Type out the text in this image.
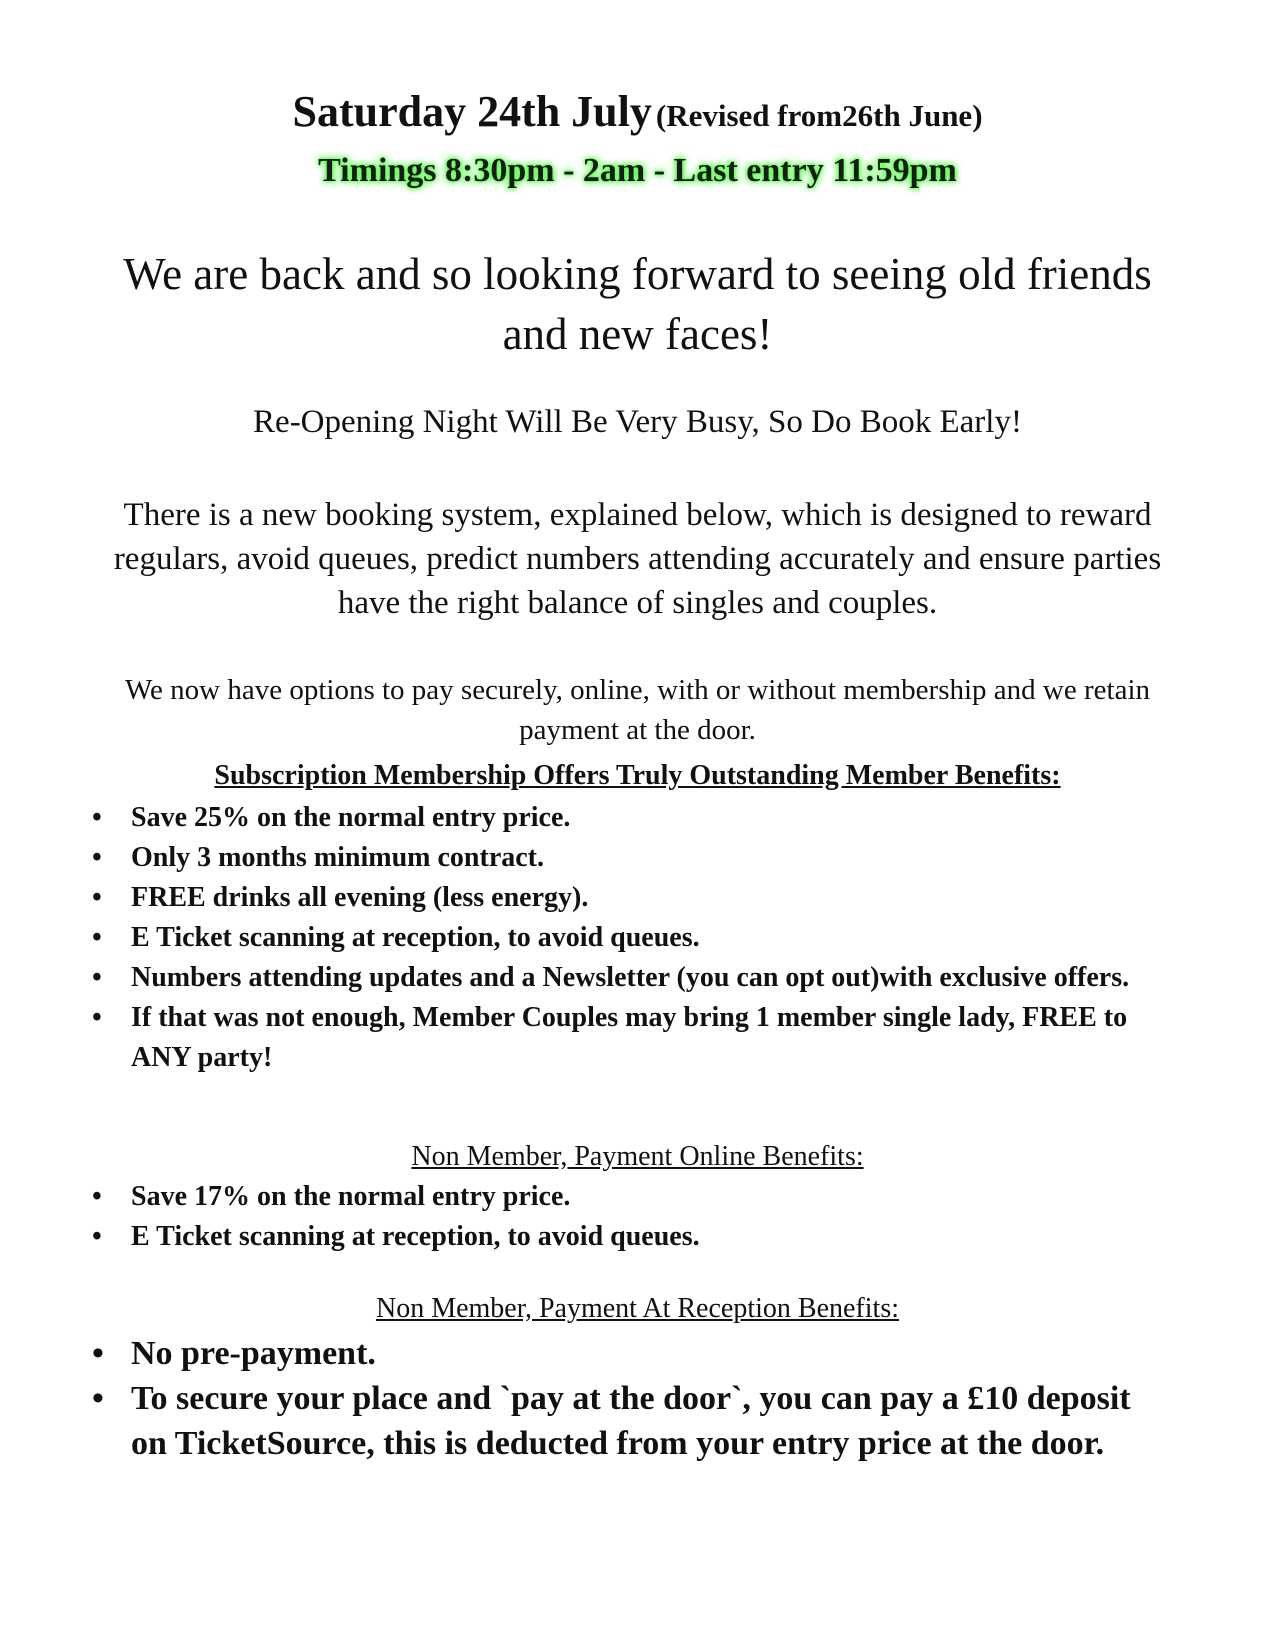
Saturday 24th July (Revised from26th June)
Timings 8:30pm - 2am - Last entry 11:59pm
We are back and so looking forward to seeing old friends and new faces!
Re-Opening Night Will Be Very Busy, So Do Book Early!
There is a new booking system, explained below, which is designed to reward regulars, avoid queues, predict numbers attending accurately and ensure parties have the right balance of singles and couples.
We now have options to pay securely, online, with or without membership and we retain payment at the door.
Subscription Membership Offers Truly Outstanding Member Benefits:
• Save 25% on the normal entry price.
• Only 3 months minimum contract.
• FREE drinks all evening (less energy).
• E Ticket scanning at reception, to avoid queues.
• Numbers attending updates and a Newsletter (you can opt out)with exclusive offers.
• If that was not enough, Member Couples may bring 1 member single lady, FREE to ANY party!
Non Member, Payment Online Benefits:
• Save 17% on the normal entry price.
• E Ticket scanning at reception, to avoid queues.
Non Member, Payment At Reception Benefits:
• No pre-payment.
• To secure your place and `pay at the door`, you can pay a £10 deposit on TicketSource, this is deducted from your entry price at the door.
